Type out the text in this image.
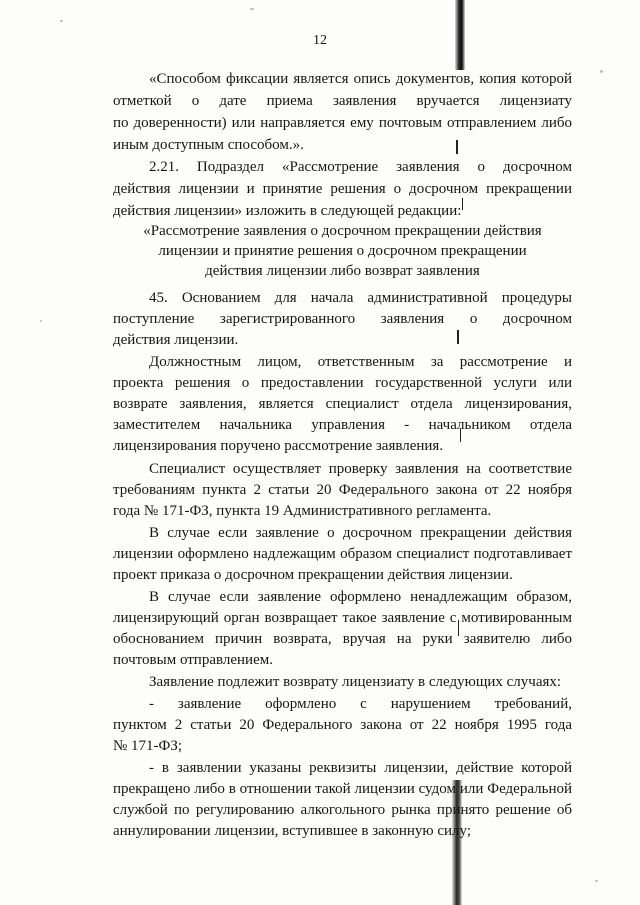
12
«Способом фиксации является опись документов, копия которой
отметкой о дате приема заявления вручается лицензиату
по доверенности) или направляется ему почтовым отправлением либо
иным доступным способом.».
2.21. Подраздел «Рассмотрение заявления о досрочном
действия лицензии и принятие решения о досрочном прекращении
действия лицензии» изложить в следующей редакции:
«Рассмотрение заявления о досрочном прекращении действия
лицензии и принятие решения о досрочном прекращении
действия лицензии либо возврат заявления
45. Основанием для начала административной процедуры
поступление зарегистрированного заявления о досрочном
действия лицензии.
Должностным лицом, ответственным за рассмотрение и
проекта решения о предоставлении государственной услуги или
возврате заявления, является специалист отдела лицензирования,
заместителем начальника управления - начальником отдела
лицензирования поручено рассмотрение заявления.
Специалист осуществляет проверку заявления на соответствие
требованиям пункта 2 статьи 20 Федерального закона от 22 ноября
года № 171-ФЗ, пункта 19 Административного регламента.
В случае если заявление о досрочном прекращении действия
лицензии оформлено надлежащим образом специалист подготавливает
проект приказа о досрочном прекращении действия лицензии.
В случае если заявление оформлено ненадлежащим образом,
лицензирующий орган возвращает такое заявление с мотивированным
обоснованием причин возврата, вручая на руки заявителю либо
почтовым отправлением.
Заявление подлежит возврату лицензиату в следующих случаях:
- заявление оформлено с нарушением требований,
пунктом 2 статьи 20 Федерального закона от 22 ноября 1995 года
№ 171-ФЗ;
- в заявлении указаны реквизиты лицензии, действие которой
прекращено либо в отношении такой лицензии судом или Федеральной
службой по регулированию алкогольного рынка принято решение об
аннулировании лицензии, вступившее в законную силу;
